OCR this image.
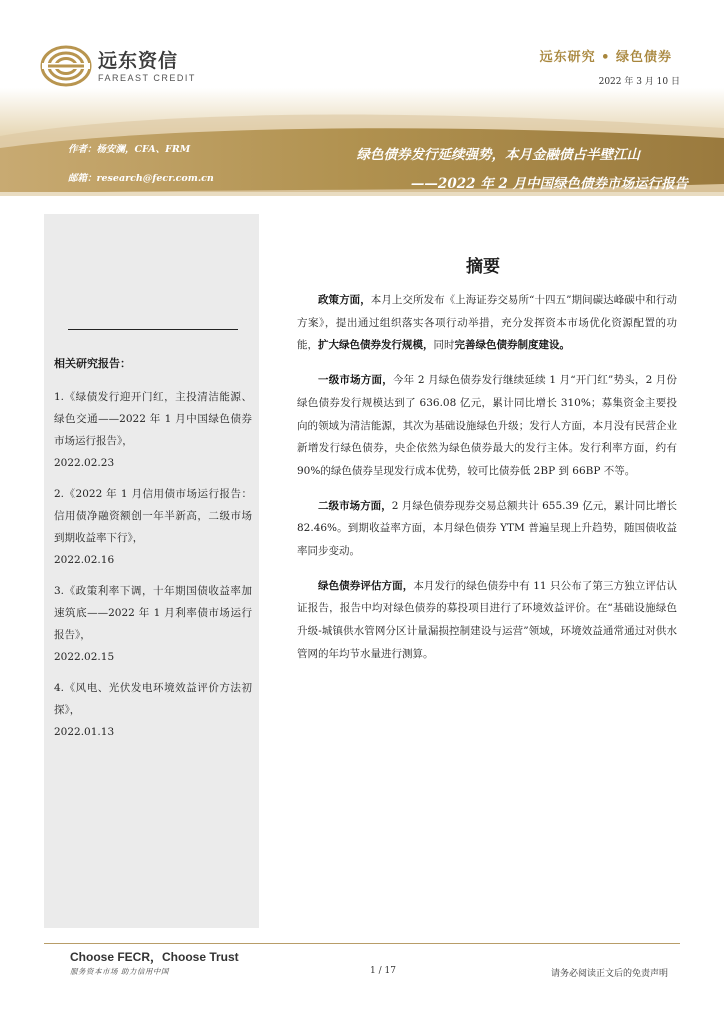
远东资信
FAREAST CREDIT
远东研究 • 绿色债券
2022 年 3 月 10 日
作者：杨安澜，CFA、FRM
邮箱：research@fecr.com.cn
绿色债券发行延续强势，本月金融债占半壁江山
——2022 年 2 月中国绿色债券市场运行报告
相关研究报告：
1.《绿债发行迎开门红，主投清洁能源、绿色交通——2022 年 1 月中国绿色债券市场运行报告》，
2022.02.23
2.《2022 年 1 月信用债市场运行报告：信用债净融资额创一年半新高，二级市场到期收益率下行》，
2022.02.16
3.《政策利率下调，十年期国债收益率加速筑底——2022 年 1 月利率债市场运行报告》，
2022.02.15
4.《风电、光伏发电环境效益评价方法初探》，
2022.01.13
摘要

政策方面，本月上交所发布《上海证券交易所“十四五”期间碳达峰碳中和行动方案》，提出通过组织落实各项行动举措，充分发挥资本市场优化资源配置的功能，扩大绿色债券发行规模，同时完善绿色债券制度建设。

一级市场方面，今年 2 月绿色债券发行继续延续 1 月“开门红”势头，2 月份绿色债券发行规模达到了 636.08 亿元，累计同比增长 310%；募集资金主要投向的领域为清洁能源，其次为基础设施绿色升级；发行人方面，本月没有民营企业新增发行绿色债券，央企依然为绿色债券最大的发行主体。发行利率方面，约有 90%的绿色债券呈现发行成本优势，较可比债券低 2BP 到 66BP 不等。

二级市场方面，2 月绿色债券现券交易总额共计 655.39 亿元，累计同比增长 82.46%。到期收益率方面，本月绿色债券 YTM 普遍呈现上升趋势，随国债收益率同步变动。

绿色债券评估方面，本月发行的绿色债券中有 11 只公布了第三方独立评估认证报告，报告中均对绿色债券的募投项目进行了环境效益评价。在“基础设施绿色升级-城镇供水管网分区计量漏损控制建设与运营”领域，环境效益通常通过对供水管网的年均节水量进行测算。

Choose FECR，Choose Trust
服务资本市场 助力信用中国	1 / 17	请务必阅读正文后的免责声明
